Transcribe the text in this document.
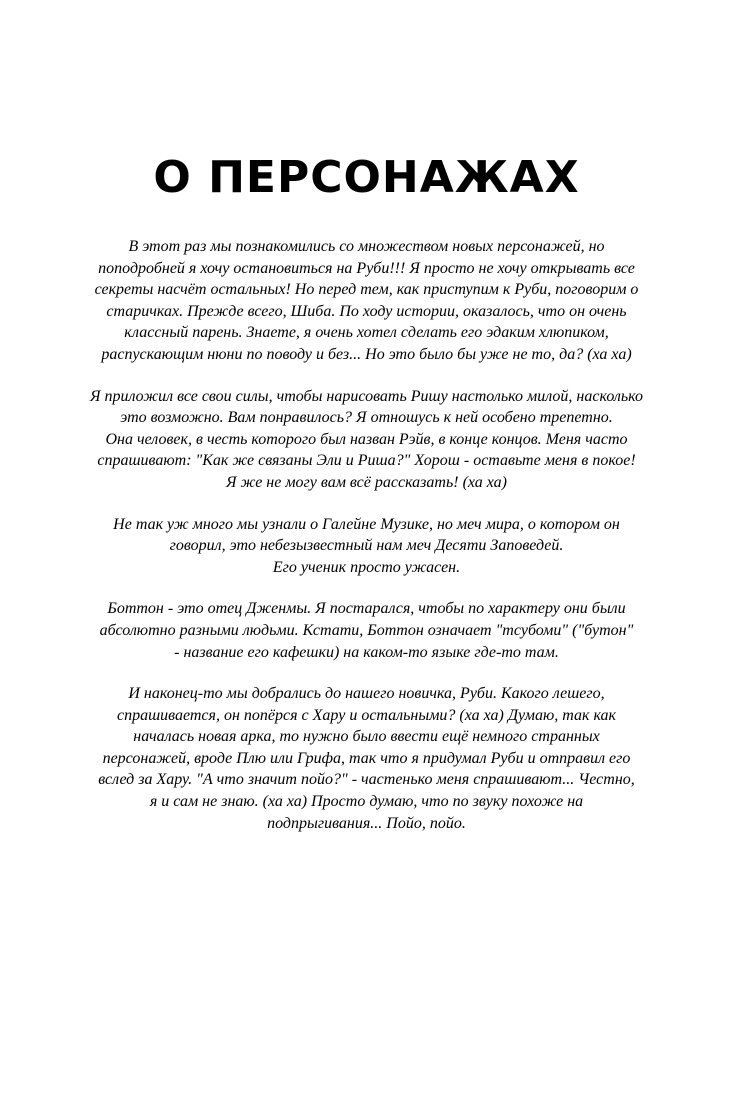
О ПЕРСОНАЖАХ

В этот раз мы познакомились со множеством новых персонажей, но
поподробней я хочу остановиться на Руби!!! Я просто не хочу открывать все
секреты насчёт остальных! Но перед тем, как приступим к Руби, поговорим о
старичках. Прежде всего, Шиба. По ходу истории, оказалось, что он очень
классный парень. Знаете, я очень хотел сделать его эдаким хлюпиком,
распускающим нюни по поводу и без... Но это было бы уже не то, да? (ха ха)

Я приложил все свои силы, чтобы нарисовать Ришу настолько милой, насколько
это возможно. Вам понравилось? Я отношусь к ней особено трепетно.
Она человек, в честь которого был назван Рэйв, в конце концов. Меня часто
спрашивают: "Как же связаны Эли и Риша?" Хорош - оставьте меня в покое!
Я же не могу вам всё рассказать! (ха ха)

Не так уж много мы узнали о Галейне Музике, но меч мира, о котором он
говорил, это небезызвестный нам меч Десяти Заповедей.
Его ученик просто ужасен.

Боттон - это отец Дженмы. Я постарался, чтобы по характеру они были
абсолютно разными людьми. Кстати, Боттон означает "тсубоми" ("бутон"
- название его кафешки) на каком-то языке где-то там.

И наконец-то мы добрались до нашего новичка, Руби. Какого лешего,
спрашивается, он попёрся с Хару и остальными? (ха ха) Думаю, так как
началась новая арка, то нужно было ввести ещё немного странных
персонажей, вроде Плю или Грифа, так что я придумал Руби и отправил его
вслед за Хару. "А что значит пойо?" - частенько меня спрашивают... Честно,
я и сам не знаю. (ха ха) Просто думаю, что по звуку похоже на
подпрыгивания... Пойо, пойо.
